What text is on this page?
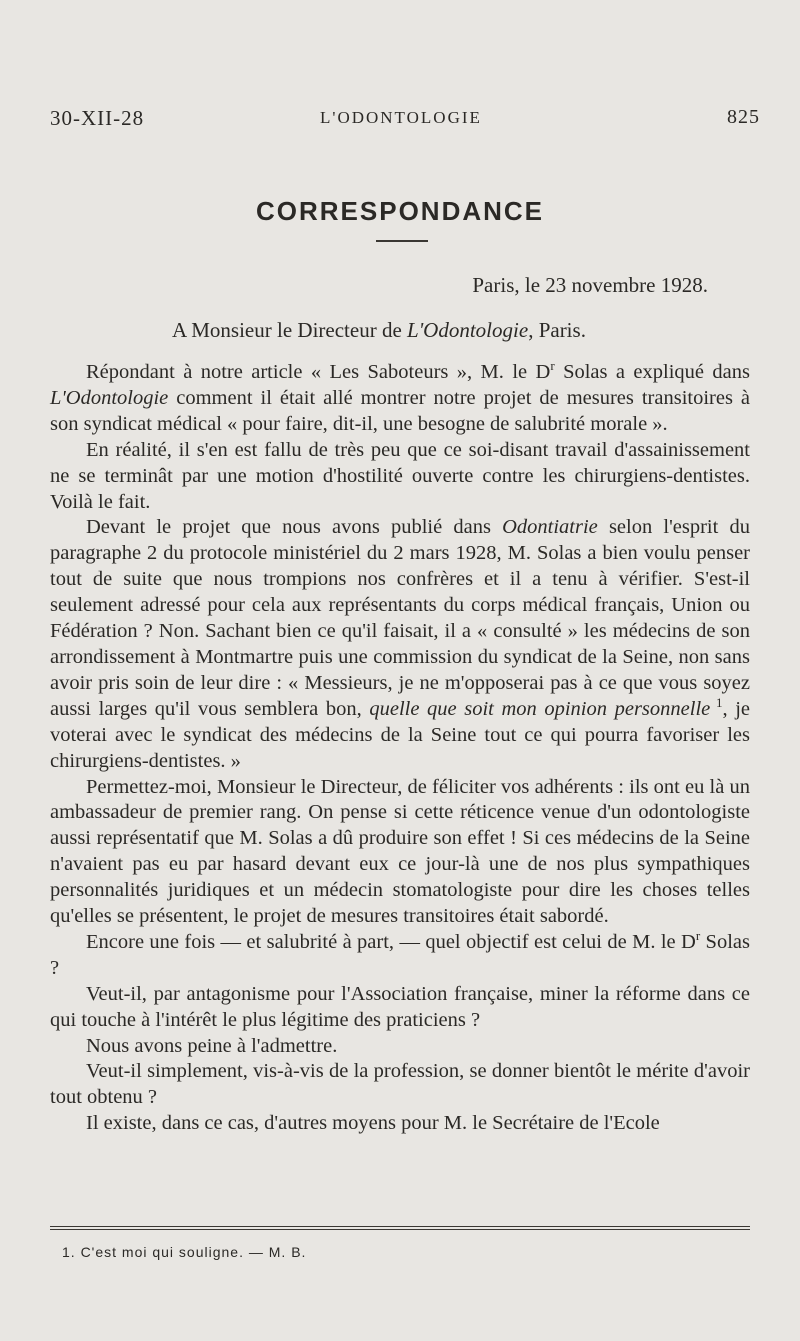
30-XII-28	L'ODONTOLOGIE	825
CORRESPONDANCE
Paris, le 23 novembre 1928.
A Monsieur le Directeur de L'Odontologie, Paris.

Répondant à notre article « Les Saboteurs », M. le $D^r$ Solas a expliqué dans L'Odontologie comment il était allé montrer notre projet de mesures transitoires à son syndicat médical « pour faire, dit-il, une besogne de salubrité morale ».

En réalité, il s'en est fallu de très peu que ce soi-disant travail d'assainissement ne se terminât par une motion d'hostilité ouverte contre les chirurgiens-dentistes. Voilà le fait.

Devant le projet que nous avons publié dans Odontiatrie selon l'esprit du paragraphe 2 du protocole ministériel du 2 mars 1928, M. Solas a bien voulu penser tout de suite que nous trompions nos confrères et il a tenu à vérifier. S'est-il seulement adressé pour cela aux représentants du corps médical français, Union ou Fédération ? Non. Sachant bien ce qu'il faisait, il a « consulté » les médecins de son arrondissement à Montmartre puis une commission du syndicat de la Seine, non sans avoir pris soin de leur dire : « Messieurs, je ne m'opposerai pas à ce que vous soyez aussi larges qu'il vous semblera bon, quelle que soit mon opinion personnelle $^1$, je voterai avec le syndicat des médecins de la Seine tout ce qui pourra favoriser les chirurgiens-dentistes. »

Permettez-moi, Monsieur le Directeur, de féliciter vos adhérents : ils ont eu là un ambassadeur de premier rang. On pense si cette réticence venue d'un odontologiste aussi représentatif que M. Solas a dû produire son effet ! Si ces médecins de la Seine n'avaient pas eu par hasard devant eux ce jour-là une de nos plus sympathiques personnalités juridiques et un médecin stomatologiste pour dire les choses telles qu'elles se présentent, le projet de mesures transitoires était sabordé.

Encore une fois — et salubrité à part, — quel objectif est celui de M. le $D^r$ Solas ?

Veut-il, par antagonisme pour l'Association française, miner la réforme dans ce qui touche à l'intérêt le plus légitime des praticiens ?

Nous avons peine à l'admettre.

Veut-il simplement, vis-à-vis de la profession, se donner bientôt le mérite d'avoir tout obtenu ?

Il existe, dans ce cas, d'autres moyens pour M. le Secrétaire de l'Ecole

1. C'est moi qui souligne. — M. B.
